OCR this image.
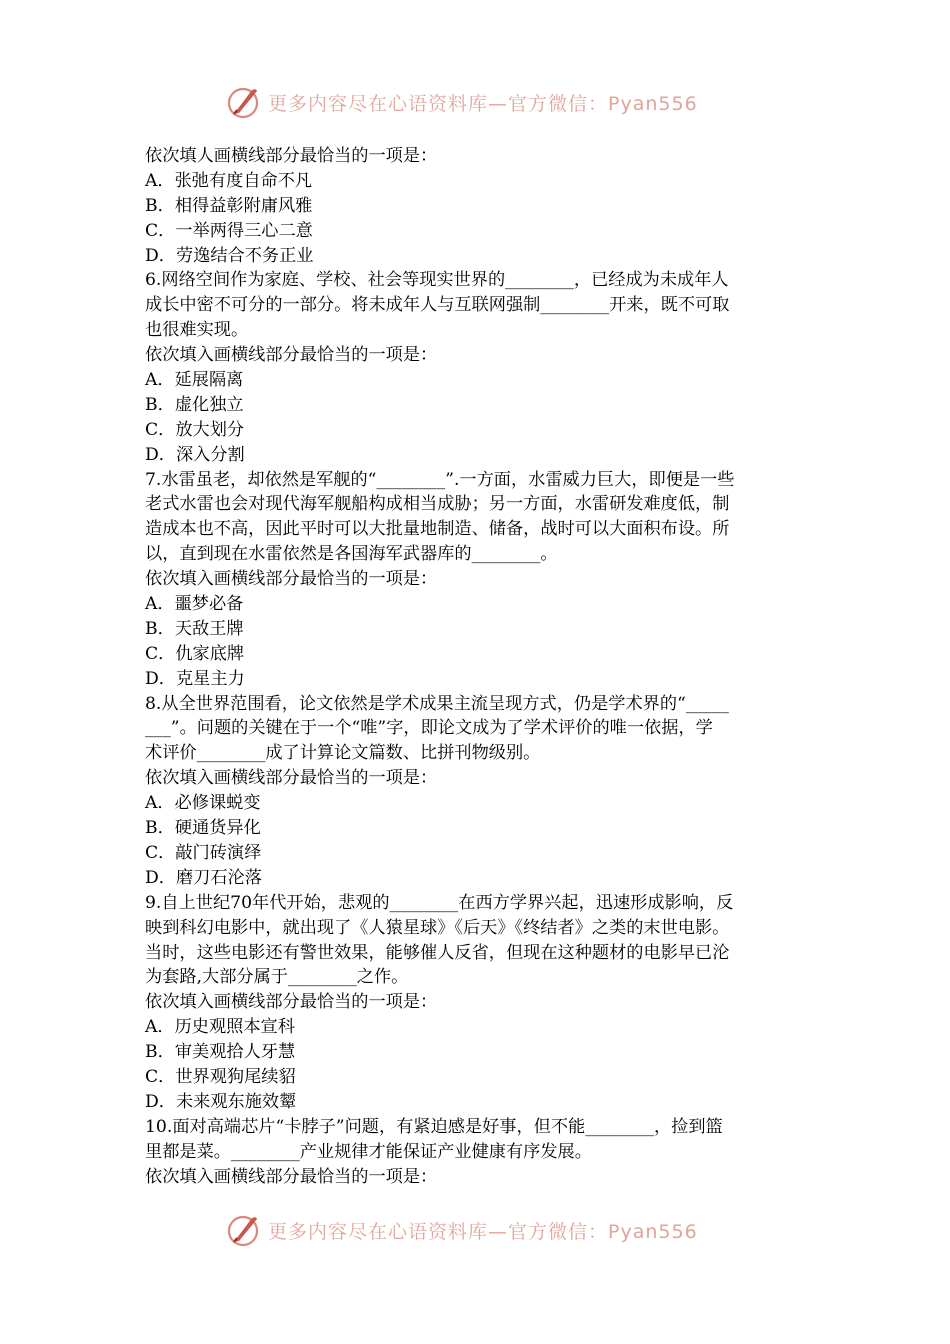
更多内容尽在心语资料库—官方微信：Pyan556
依次填人画横线部分最恰当的一项是：
A．张弛有度自命不凡
B．相得益彰附庸风雅
C．一举两得三心二意
D．劳逸结合不务正业
6.网络空间作为家庭、学校、社会等现实世界的________，已经成为未成年人
成长中密不可分的一部分。将未成年人与互联网强制________开来，既不可取
也很难实现。
依次填入画横线部分最恰当的一项是：
A．延展隔离
B．虚化独立
C．放大划分
D．深入分割
7.水雷虽老，却依然是军舰的“________”.一方面，水雷威力巨大，即便是一些
老式水雷也会对现代海军舰船构成相当成胁；另一方面，水雷研发难度低，制
造成本也不高，因此平时可以大批量地制造、储备，战时可以大面积布设。所
以，直到现在水雷依然是各国海军武器库的________。
依次填入画横线部分最恰当的一项是：
A．噩梦必备
B．天敌王牌
C．仇家底牌
D．克星主力
8.从全世界范围看，论文依然是学术成果主流呈现方式，仍是学术界的“_____
___”。问题的关键在于一个“唯”字，即论文成为了学术评价的唯一依据，学
术评价________成了计算论文篇数、比拼刊物级别。
依次填入画横线部分最恰当的一项是：
A．必修课蜕变
B．硬通货异化
C．敲门砖演绎
D．磨刀石沦落
9.自上世纪70年代开始，悲观的________在西方学界兴起，迅速形成影响，反
映到科幻电影中，就出现了《人猿星球》《后天》《终结者》之类的末世电影。
当时，这些电影还有警世效果，能够催人反省，但现在这种题材的电影早已沦
为套路,大部分属于________之作。
依次填入画横线部分最恰当的一项是：
A．历史观照本宣科
B．审美观拾人牙慧
C．世界观狗尾续貂
D．未来观东施效颦
10.面对高端芯片“卡脖子”问题，有紧迫感是好事，但不能________，捡到篮
里都是菜。________产业规律才能保证产业健康有序发展。
依次填入画横线部分最恰当的一项是：
更多内容尽在心语资料库—官方微信：Pyan556
